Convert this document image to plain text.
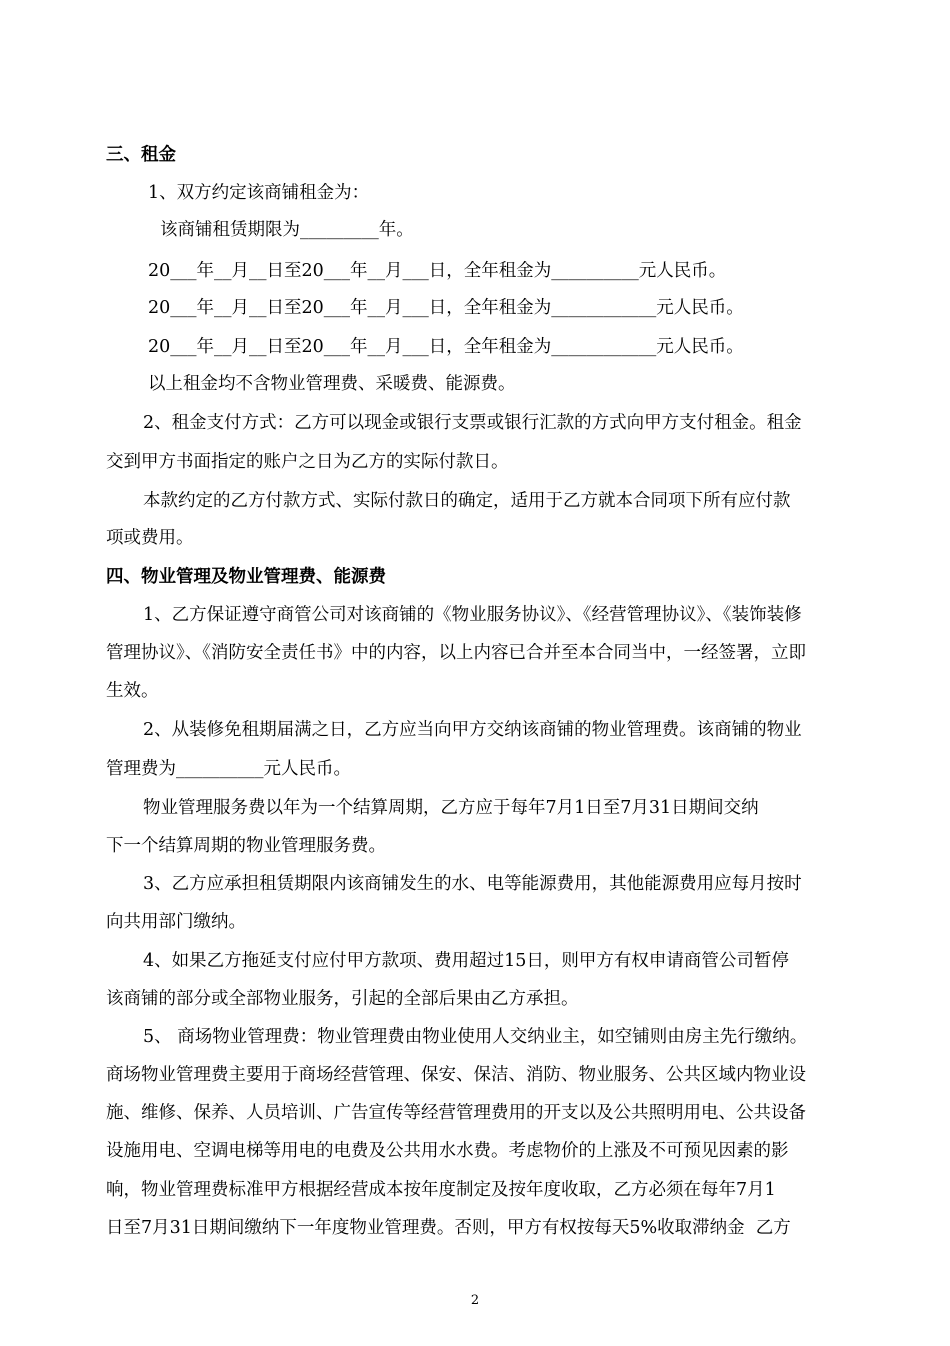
三、租金
1、双方约定该商铺租金为：
该商铺租赁期限为_________年。
20___年__月__日至20___年__月___日，全年租金为__________元人民币。
20___年__月__日至20___年__月___日，全年租金为____________元人民币。
20___年__月__日至20___年__月___日，全年租金为____________元人民币。
以上租金均不含物业管理费、采暖费、能源费。
2、租金支付方式：乙方可以现金或银行支票或银行汇款的方式向甲方支付租金。租金
交到甲方书面指定的账户之日为乙方的实际付款日。
本款约定的乙方付款方式、实际付款日的确定，适用于乙方就本合同项下所有应付款
项或费用。
四、物业管理及物业管理费、能源费
1、乙方保证遵守商管公司对该商铺的《物业服务协议》、《经营管理协议》、《装饰装修
管理协议》、《消防安全责任书》中的内容，以上内容已合并至本合同当中，一经签署，立即
生效。
2、从装修免租期届满之日，乙方应当向甲方交纳该商铺的物业管理费。该商铺的物业
管理费为__________元人民币。
物业管理服务费以年为一个结算周期，乙方应于每年7月1日至7月31日期间交纳
下一个结算周期的物业管理服务费。
3、乙方应承担租赁期限内该商铺发生的水、电等能源费用，其他能源费用应每月按时
向共用部门缴纳。
4、如果乙方拖延支付应付甲方款项、费用超过15日，则甲方有权申请商管公司暂停
该商铺的部分或全部物业服务，引起的全部后果由乙方承担。
5、 商场物业管理费：物业管理费由物业使用人交纳业主，如空铺则由房主先行缴纳。
商场物业管理费主要用于商场经营管理、保安、保洁、消防、物业服务、公共区域内物业设
施、维修、保养、人员培训、广告宣传等经营管理费用的开支以及公共照明用电、公共设备
设施用电、空调电梯等用电的电费及公共用水水费。考虑物价的上涨及不可预见因素的影
响，物业管理费标准甲方根据经营成本按年度制定及按年度收取，乙方必须在每年7月1
日至7月31日期间缴纳下一年度物业管理费。否则，甲方有权按每天5%收取滞纳金  乙方
2
